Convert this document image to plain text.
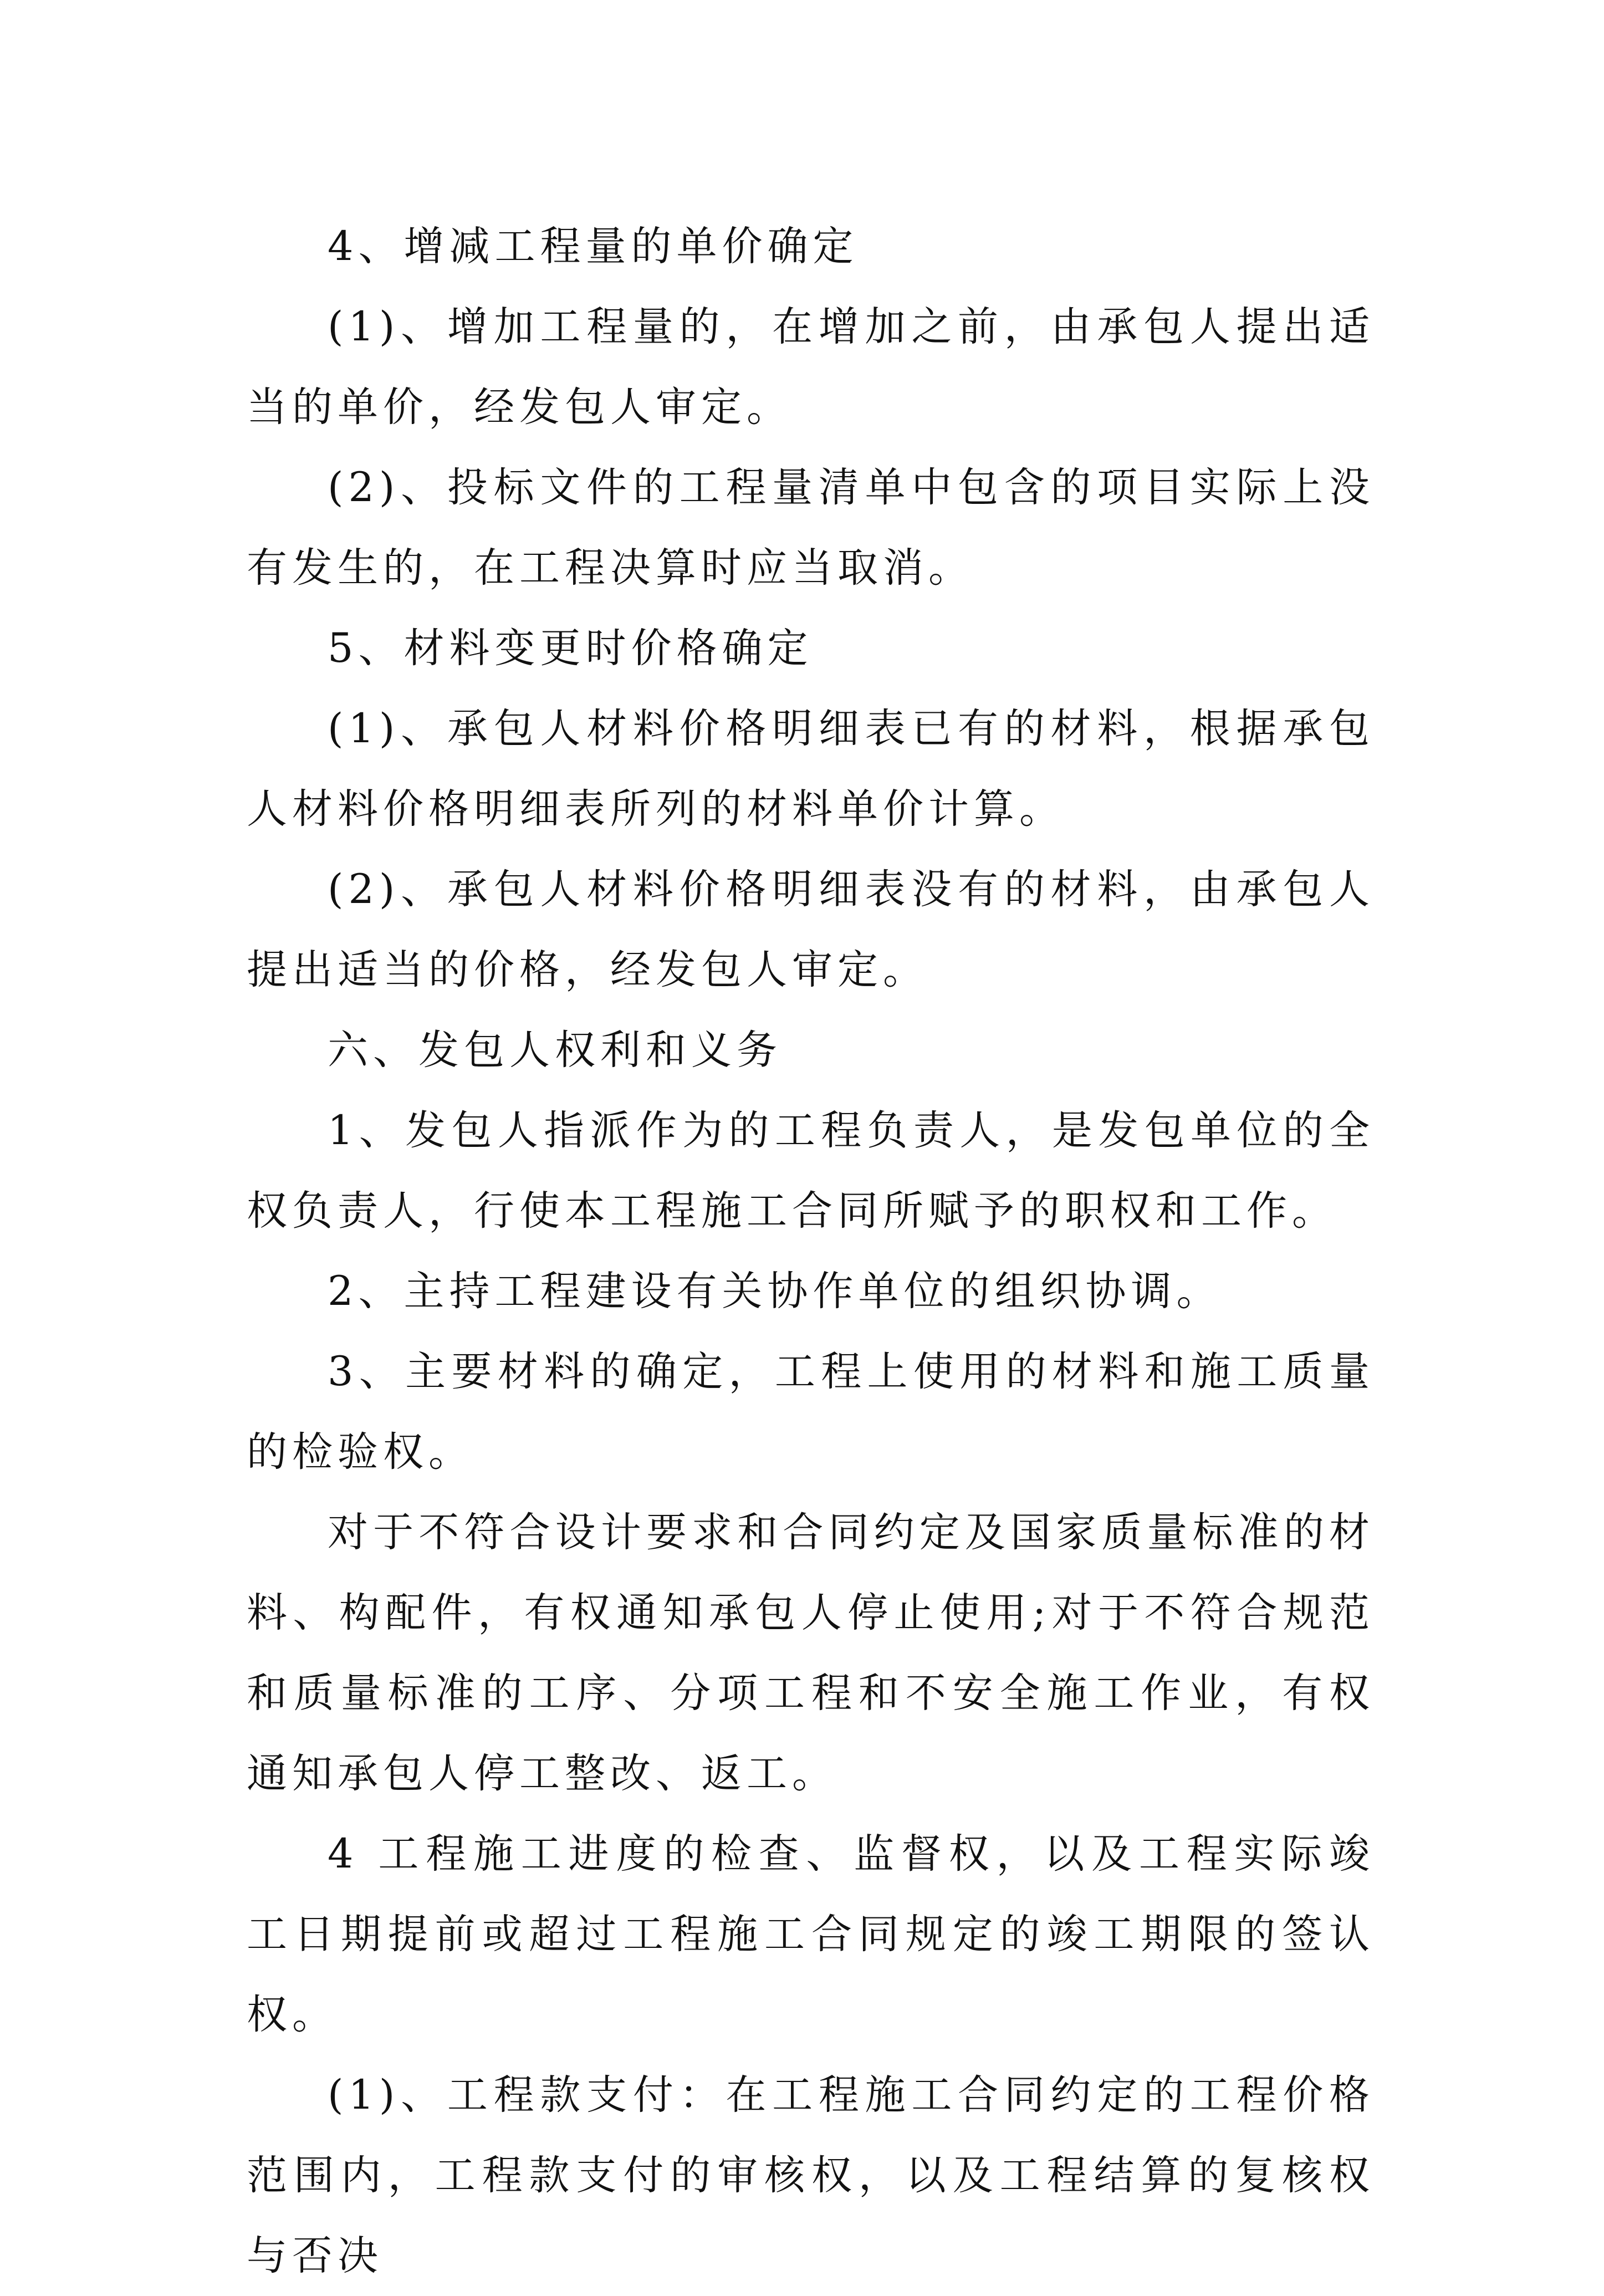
4、增减工程量的单价确定

(1)、增加工程量的，在增加之前，由承包人提出适当的单价，经发包人审定。

(2)、投标文件的工程量清单中包含的项目实际上没有发生的，在工程决算时应当取消。

5、材料变更时价格确定

(1)、承包人材料价格明细表已有的材料，根据承包人材料价格明细表所列的材料单价计算。

(2)、承包人材料价格明细表没有的材料，由承包人提出适当的价格，经发包人审定。

六、发包人权利和义务

1、发包人指派作为的工程负责人，是发包单位的全权负责人，行使本工程施工合同所赋予的职权和工作。

2、主持工程建设有关协作单位的组织协调。

3、主要材料的确定，工程上使用的材料和施工质量的检验权。

对于不符合设计要求和合同约定及国家质量标准的材料、构配件，有权通知承包人停止使用;对于不符合规范和质量标准的工序、分项工程和不安全施工作业，有权通知承包人停工整改、返工。

4 工程施工进度的检查、监督权，以及工程实际竣工日期提前或超过工程施工合同规定的竣工期限的签认权。

(1)、工程款支付：在工程施工合同约定的工程价格范围内，工程款支付的审核权，以及工程结算的复核权与否决
